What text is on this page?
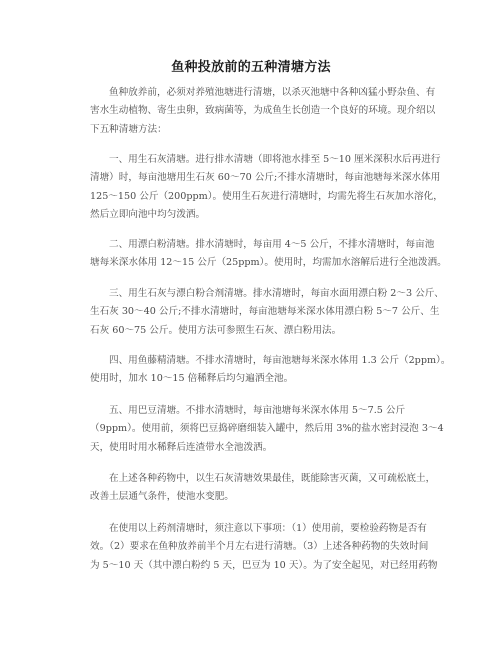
鱼种投放前的五种清塘方法
鱼种放养前，必须对养殖池塘进行清塘，以杀灭池塘中各种凶猛小野杂鱼、有
害水生动植物、寄生虫卵，致病菌等，为成鱼生长创造一个良好的环境。现介绍以
下五种清塘方法：
一、用生石灰清塘。进行排水清塘（即将池水排至 5～10 厘米深积水后再进行
清塘）时，每亩池塘用生石灰 60～70 公斤;不排水清塘时，每亩池塘每米深水体用
125～150 公斤（200ppm）。使用生石灰进行清塘时，均需先将生石灰加水溶化，
然后立即向池中均匀泼洒。
二、用漂白粉清塘。排水清塘时，每亩用 4～5 公斤，不排水清塘时，每亩池
塘每米深水体用 12～15 公斤（25ppm）。使用时，均需加水溶解后进行全池泼洒。
三、用生石灰与漂白粉合剂清塘。排水清塘时，每亩水面用漂白粉 2～3 公斤、
生石灰 30～40 公斤;不排水清塘时，每亩池塘每米深水体用漂白粉 5～7 公斤、生
石灰 60～75 公斤。使用方法可参照生石灰、漂白粉用法。
四、用鱼藤精清塘。不排水清塘时，每亩池塘每米深水体用 1.3 公斤（2ppm）。
使用时，加水 10～15 倍稀释后均匀遍洒全池。
五、用巴豆清塘。不排水清塘时，每亩池塘每米深水体用 5～7.5 公斤
（9ppm）。使用前，须将巴豆捣碎磨细装入罐中，然后用 3%的盐水密封浸泡 3～4
天，使用时用水稀释后连渣带水全池泼洒。
在上述各种药物中，以生石灰清塘效果最佳，既能除害灭菌，又可疏松底土，
改善土层通气条件，使池水变肥。
在使用以上药剂清塘时，须注意以下事项：（1）使用前，要检验药物是否有
效。（2）要求在鱼种放养前半个月左右进行清塘。（3）上述各种药物的失效时间
为 5～10 天（其中漂白粉约 5 天，巴豆为 10 天）。为了安全起见，对已经用药物
